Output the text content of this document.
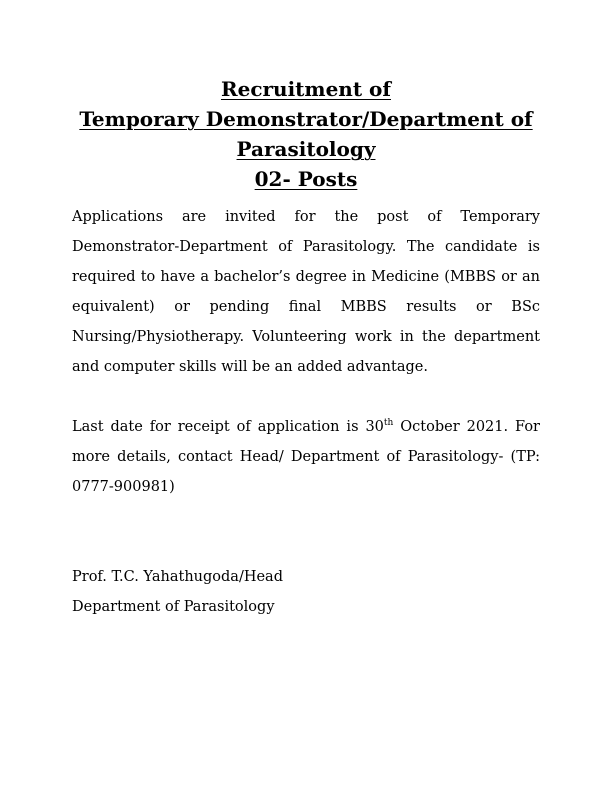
Recruitment of
Temporary Demonstrator/Department of
Parasitology
02- Posts

Applications are invited for the post of Temporary Demonstrator-Department of Parasitology. The candidate is required to have a bachelor’s degree in Medicine (MBBS or an equivalent) or pending final MBBS results or BSc Nursing/Physiotherapy. Volunteering work in the department and computer skills will be an added advantage.

Last date for receipt of application is 30th October 2021. For more details, contact Head/ Department of Parasitology- (TP: 0777-900981)

Prof. T.C. Yahathugoda/Head
Department of Parasitology
